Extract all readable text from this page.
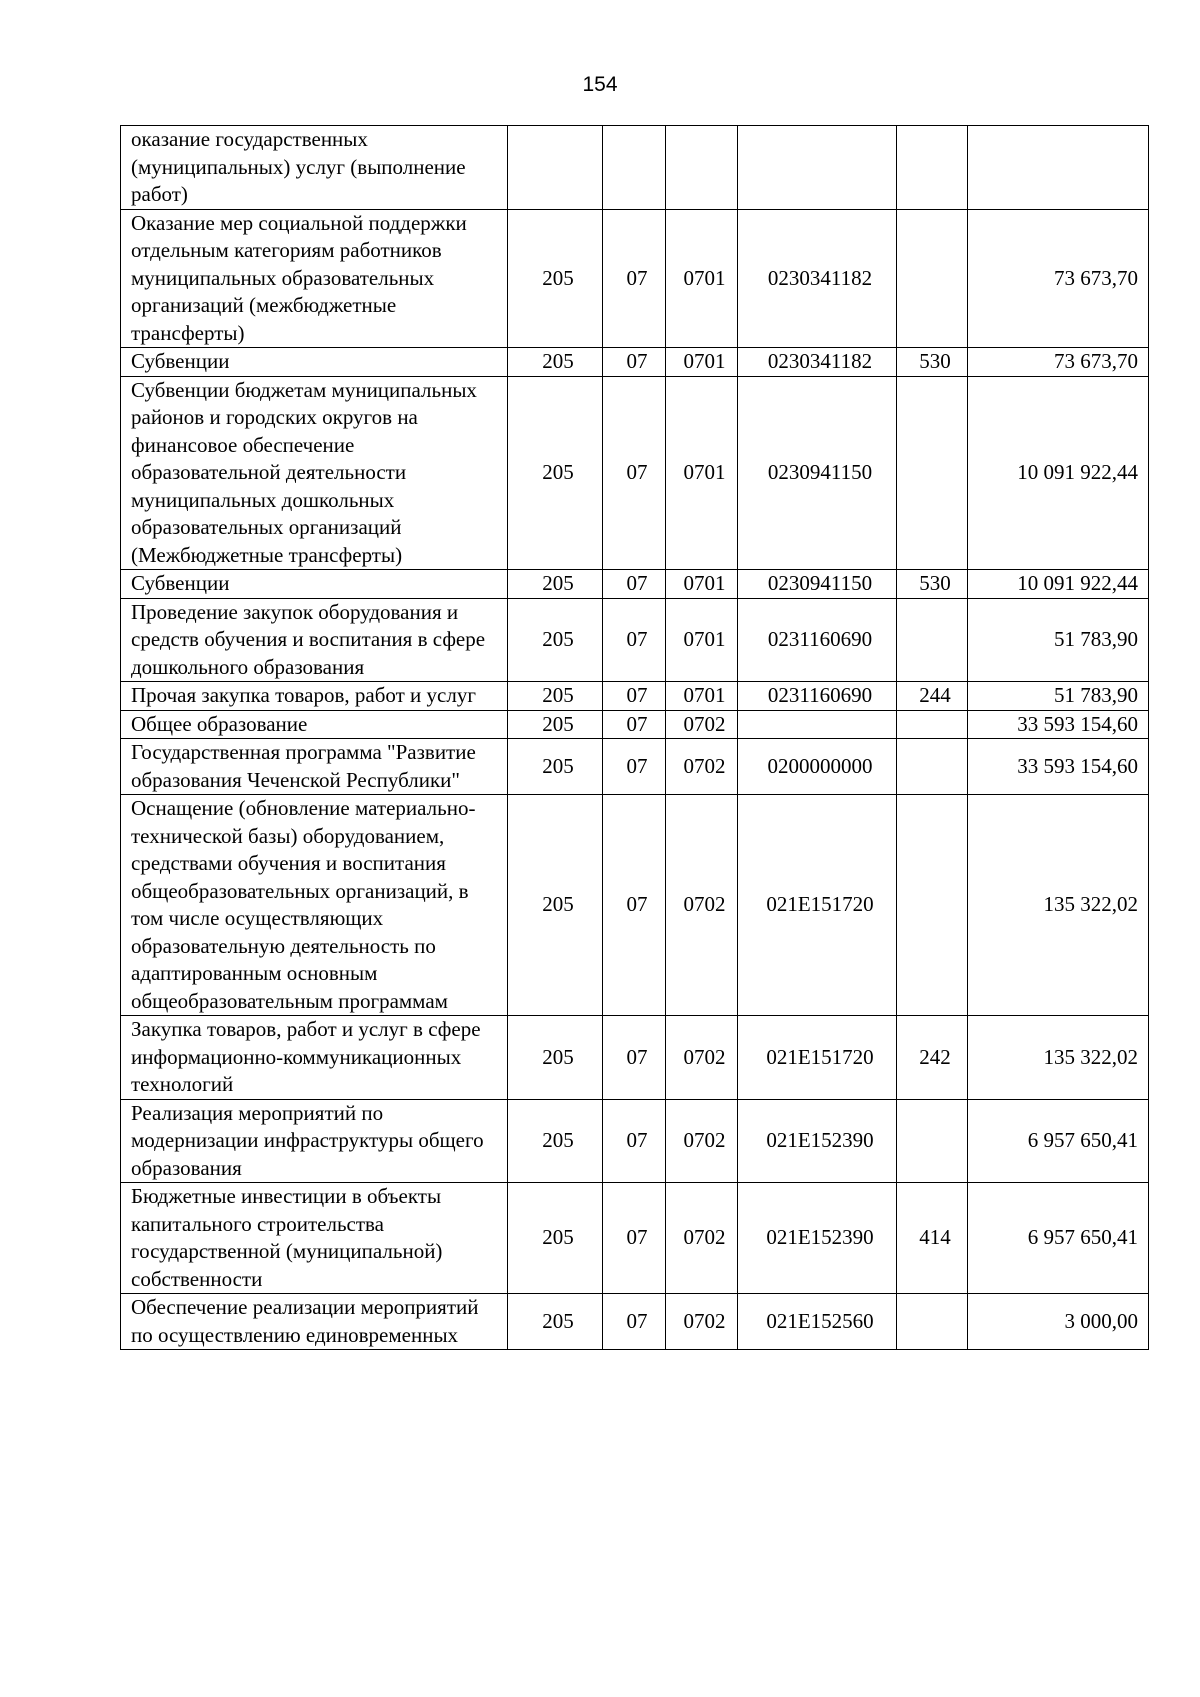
154
оказание государственных (муниципальных) услуг (выполнение работ)						
Оказание мер социальной поддержки отдельным категориям работников муниципальных образовательных организаций (межбюджетные трансферты)	205	07	0701	0230341182		73 673,70
Субвенции	205	07	0701	0230341182	530	73 673,70
Субвенции бюджетам муниципальных районов и городских округов на финансовое обеспечение образовательной деятельности муниципальных дошкольных образовательных организаций (Межбюджетные трансферты)	205	07	0701	0230941150		10 091 922,44
Субвенции	205	07	0701	0230941150	530	10 091 922,44
Проведение закупок оборудования и средств обучения и воспитания в сфере дошкольного образования	205	07	0701	0231160690		51 783,90
Прочая закупка товаров, работ и услуг	205	07	0701	0231160690	244	51 783,90
Общее образование	205	07	0702			33 593 154,60
Государственная программа "Развитие образования Чеченской Республики"	205	07	0702	0200000000		33 593 154,60
Оснащение (обновление материально-технической базы) оборудованием, средствами обучения и воспитания общеобразовательных организаций, в том числе осуществляющих образовательную деятельность по адаптированным основным общеобразовательным программам	205	07	0702	021E151720		135 322,02
Закупка товаров, работ и услуг в сфере информационно-коммуникационных технологий	205	07	0702	021E151720	242	135 322,02
Реализация мероприятий по модернизации инфраструктуры общего образования	205	07	0702	021E152390		6 957 650,41
Бюджетные инвестиции в объекты капитального строительства государственной (муниципальной) собственности	205	07	0702	021E152390	414	6 957 650,41
Обеспечение реализации мероприятий по осуществлению единовременных	205	07	0702	021E152560		3 000,00
